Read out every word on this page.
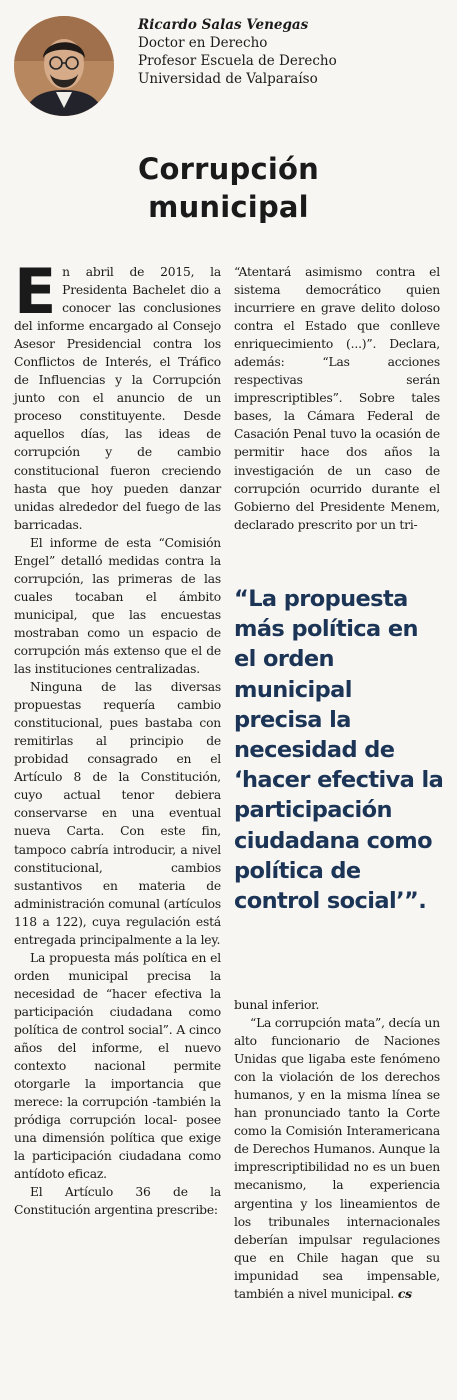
Ricardo Salas Venegas
Doctor en Derecho
Profesor Escuela de Derecho
Universidad de Valparaíso
Corrupción
municipal

En abril de 2015, la Presidenta Bachelet dio a conocer las conclusiones del informe encargado al Consejo Asesor Presidencial contra los Conflictos de Interés, el Tráfico de Influencias y la Corrupción junto con el anuncio de un proceso constituyente. Desde aquellos días, las ideas de corrupción y de cambio constitucional fueron creciendo hasta que hoy pueden danzar unidas alrededor del fuego de las barricadas.

El informe de esta “Comisión Engel” detalló medidas contra la corrupción, las primeras de las cuales tocaban el ámbito municipal, que las encuestas mostraban como un espacio de corrupción más extenso que el de las instituciones centralizadas.

Ninguna de las diversas propuestas requería cambio constitucional, pues bastaba con remitirlas al principio de probidad consagrado en el Artículo 8 de la Constitución, cuyo actual tenor debiera conservarse en una eventual nueva Carta. Con este fin, tampoco cabría introducir, a nivel constitucional, cambios sustantivos en materia de administración comunal (artículos 118 a 122), cuya regulación está entregada principalmente a la ley.

La propuesta más política en el orden municipal precisa la necesidad de “hacer efectiva la participación ciudadana como política de control social”. A cinco años del informe, el nuevo contexto nacional permite otorgarle la importancia que merece: la corrupción -también la pródiga corrupción local- posee una dimensión política que exige la participación ciudadana como antídoto eficaz.

El Artículo 36 de la Constitución argentina prescribe:

“Atentará asimismo contra el sistema democrático quien incurriere en grave delito doloso contra el Estado que conlleve enriquecimiento (...)”. Declara, además: “Las acciones respectivas serán imprescriptibles”. Sobre tales bases, la Cámara Federal de Casación Penal tuvo la ocasión de permitir hace dos años la investigación de un caso de corrupción ocurrido durante el Gobierno del Presidente Menem, declarado prescrito por un tri-

“La propuesta
más política en
el orden
municipal
precisa la
necesidad de
‘hacer efectiva la
participación
ciudadana como
política de
control social’”.

bunal inferior.

“La corrupción mata”, decía un alto funcionario de Naciones Unidas que ligaba este fenómeno con la violación de los derechos humanos, y en la misma línea se han pronunciado tanto la Corte como la Comisión Interamericana de Derechos Humanos. Aunque la imprescriptibilidad no es un buen mecanismo, la experiencia argentina y los lineamientos de los tribunales internacionales deberían impulsar regulaciones que en Chile hagan que su impunidad sea impensable, también a nivel municipal. cs
